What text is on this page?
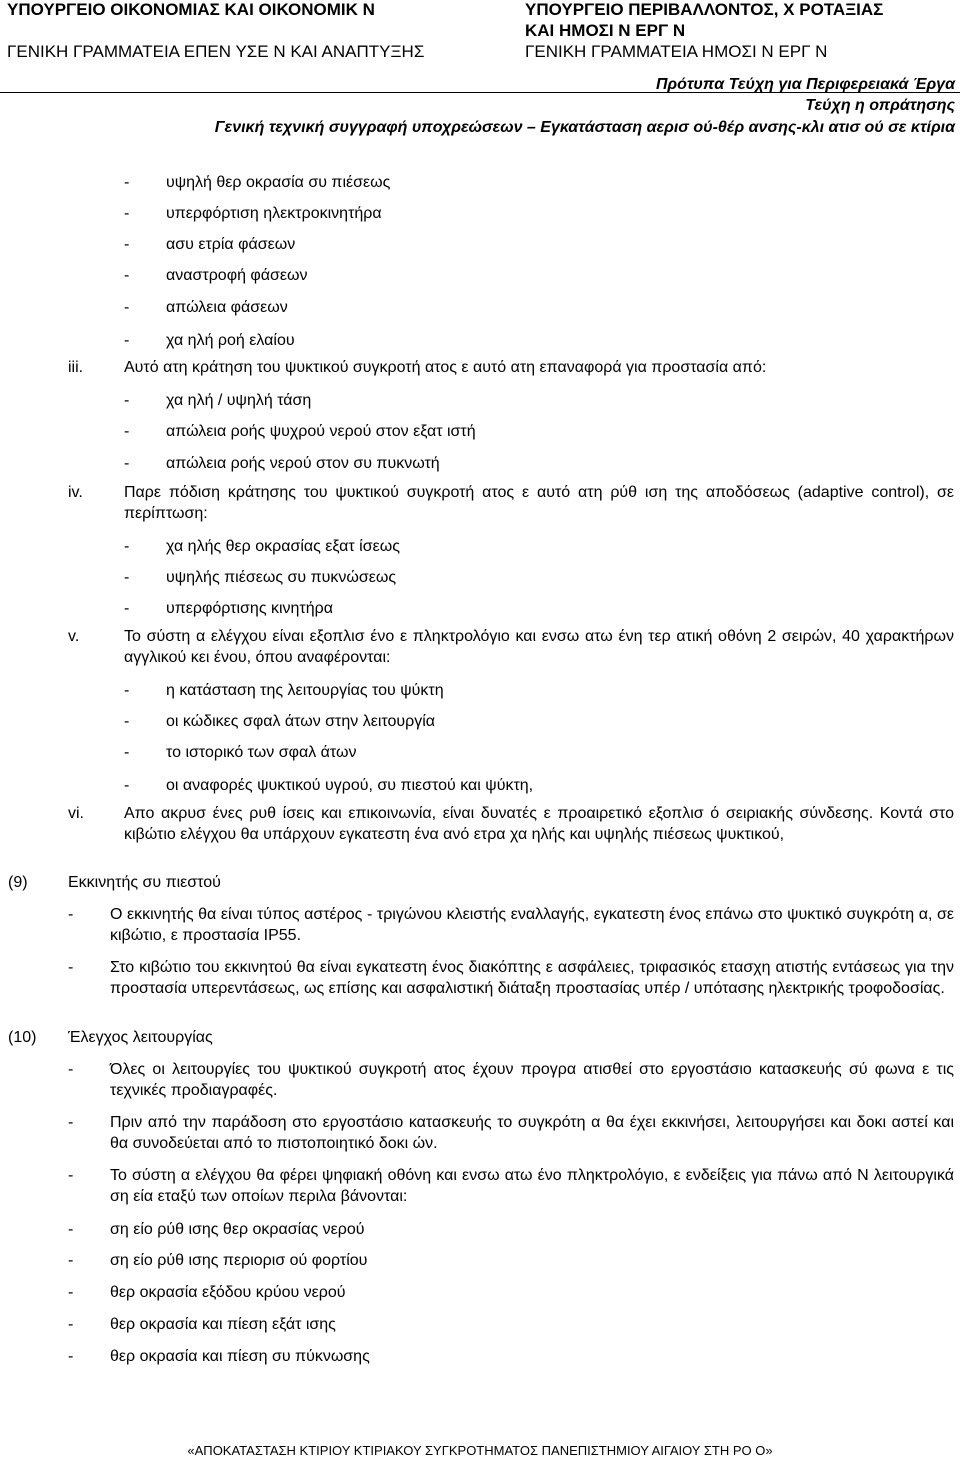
ΥΠΟΥΡΓΕΙΟ ΟΙΚΟΝΟΜΙΑΣ ΚΑΙ ΟΙΚΟΝΟΜΙΚ Ν
ΓΕΝΙΚΗ ΓΡΑΜΜΑΤΕΙΑ ΕΠΕΝ ΥΣΕ Ν ΚΑΙ ΑΝΑΠΤΥΞΗΣ
ΥΠΟΥΡΓΕΙΟ ΠΕΡΙΒΑΛΛΟΝΤΟΣ, Χ ΡΟΤΑΞΙΑΣ
ΚΑΙ ΗΜΟΣΙ Ν ΕΡΓ Ν
ΓΕΝΙΚΗ ΓΡΑΜΜΑΤΕΙΑ ΗΜΟΣΙ Ν ΕΡΓ Ν
Πρότυπα Τεύχη για Περιφερειακά Έργα
Τεύχη η οπράτησης
Γενική τεχνική συγγραφή υποχρεώσεων – Εγκατάσταση αερισ ού-θέρ ανσης-κλι ατισ ού σε κτίρια
- υψηλή θερ οκρασία συ πιέσεως
- υπερφόρτιση ηλεκτροκινητήρα
- ασυ ετρία φάσεων
- αναστροφή φάσεων
- απώλεια φάσεων
- χα ηλή ροή ελαίου
iii.	Αυτό ατη κράτηση του ψυκτικού συγκροτή ατος ε αυτό ατη επαναφορά για προστασία από:
- χα ηλή / υψηλή τάση
- απώλεια ροής ψυχρού νερού στον εξατ ιστή
- απώλεια ροής νερού στον συ πυκνωτή
iv.	Παρε πόδιση κράτησης του ψυκτικού συγκροτή ατος ε αυτό ατη ρύθ ιση της αποδόσεως (adaptive control), σε περίπτωση:
- χα ηλής θερ οκρασίας εξατ ίσεως
- υψηλής πιέσεως συ πυκνώσεως
- υπερφόρτισης κινητήρα
v.	Το σύστη α ελέγχου είναι εξοπλισ ένο ε πληκτρολόγιο και ενσω ατω ένη τερ ατική οθόνη 2 σειρών, 40 χαρακτήρων αγγλικού κει ένου, όπου αναφέρονται:
- η κατάσταση της λειτουργίας του ψύκτη
- οι κώδικες σφαλ άτων στην λειτουργία
- το ιστορικό των σφαλ άτων
- οι αναφορές ψυκτικού υγρού, συ πιεστού και ψύκτη,
vi.	Απο ακρυσ ένες ρυθ ίσεις και επικοινωνία, είναι δυνατές ε προαιρετικό εξοπλισ ό σειριακής σύνδεσης. Κοντά στο κιβώτιο ελέγχου θα υπάρχουν εγκατεστη ένα ανό ετρα χα ηλής και υψηλής πιέσεως ψυκτικού,
(9)	Εκκινητής συ πιεστού
- Ο εκκινητής θα είναι τύπος αστέρος - τριγώνου κλειστής εναλλαγής, εγκατεστη ένος επάνω στο ψυκτικό συγκρότη α, σε κιβώτιο, ε προστασία IP55.
- Στο κιβώτιο του εκκινητού θα είναι εγκατεστη ένος διακόπτης ε ασφάλειες, τριφασικός ετασχη ατιστής εντάσεως για την προστασία υπερεντάσεως, ως επίσης και ασφαλιστική διάταξη προστασίας υπέρ / υπότασης ηλεκτρικής τροφοδοσίας.
(10) Έλεγχος λειτουργίας
- Όλες οι λειτουργίες του ψυκτικού συγκροτή ατος έχουν προγρα ατισθεί στο εργοστάσιο κατασκευής σύ φωνα ε τις τεχνικές προδιαγραφές.
- Πριν από την παράδοση στο εργοστάσιο κατασκευής το συγκρότη α θα έχει εκκινήσει, λειτουργήσει και δοκι αστεί και θα συνοδεύεται από το πιστοποιητικό δοκι ών.
- Το σύστη α ελέγχου θα φέρει ψηφιακή οθόνη και ενσω ατω ένο πληκτρολόγιο, ε ενδείξεις για πάνω από Ν λειτουργικά ση εία εταξύ των οποίων περιλα βάνονται:
- ση είο ρύθ ισης θερ οκρασίας νερού
- ση είο ρύθ ισης περιορισ ού φορτίου
- θερ οκρασία εξόδου κρύου νερού
- θερ οκρασία και πίεση εξάτ ισης
- θερ οκρασία και πίεση συ πύκνωσης
«ΑΠΟΚΑΤΑΣΤΑΣΗ ΚΤΙΡΙΟΥ ΚΤΙΡΙΑΚΟΥ ΣΥΓΚΡΟΤΗΜΑΤΟΣ ΠΑΝΕΠΙΣΤΗΜΙΟΥ ΑΙΓΑΙΟΥ ΣΤΗ ΡΟ Ο»
